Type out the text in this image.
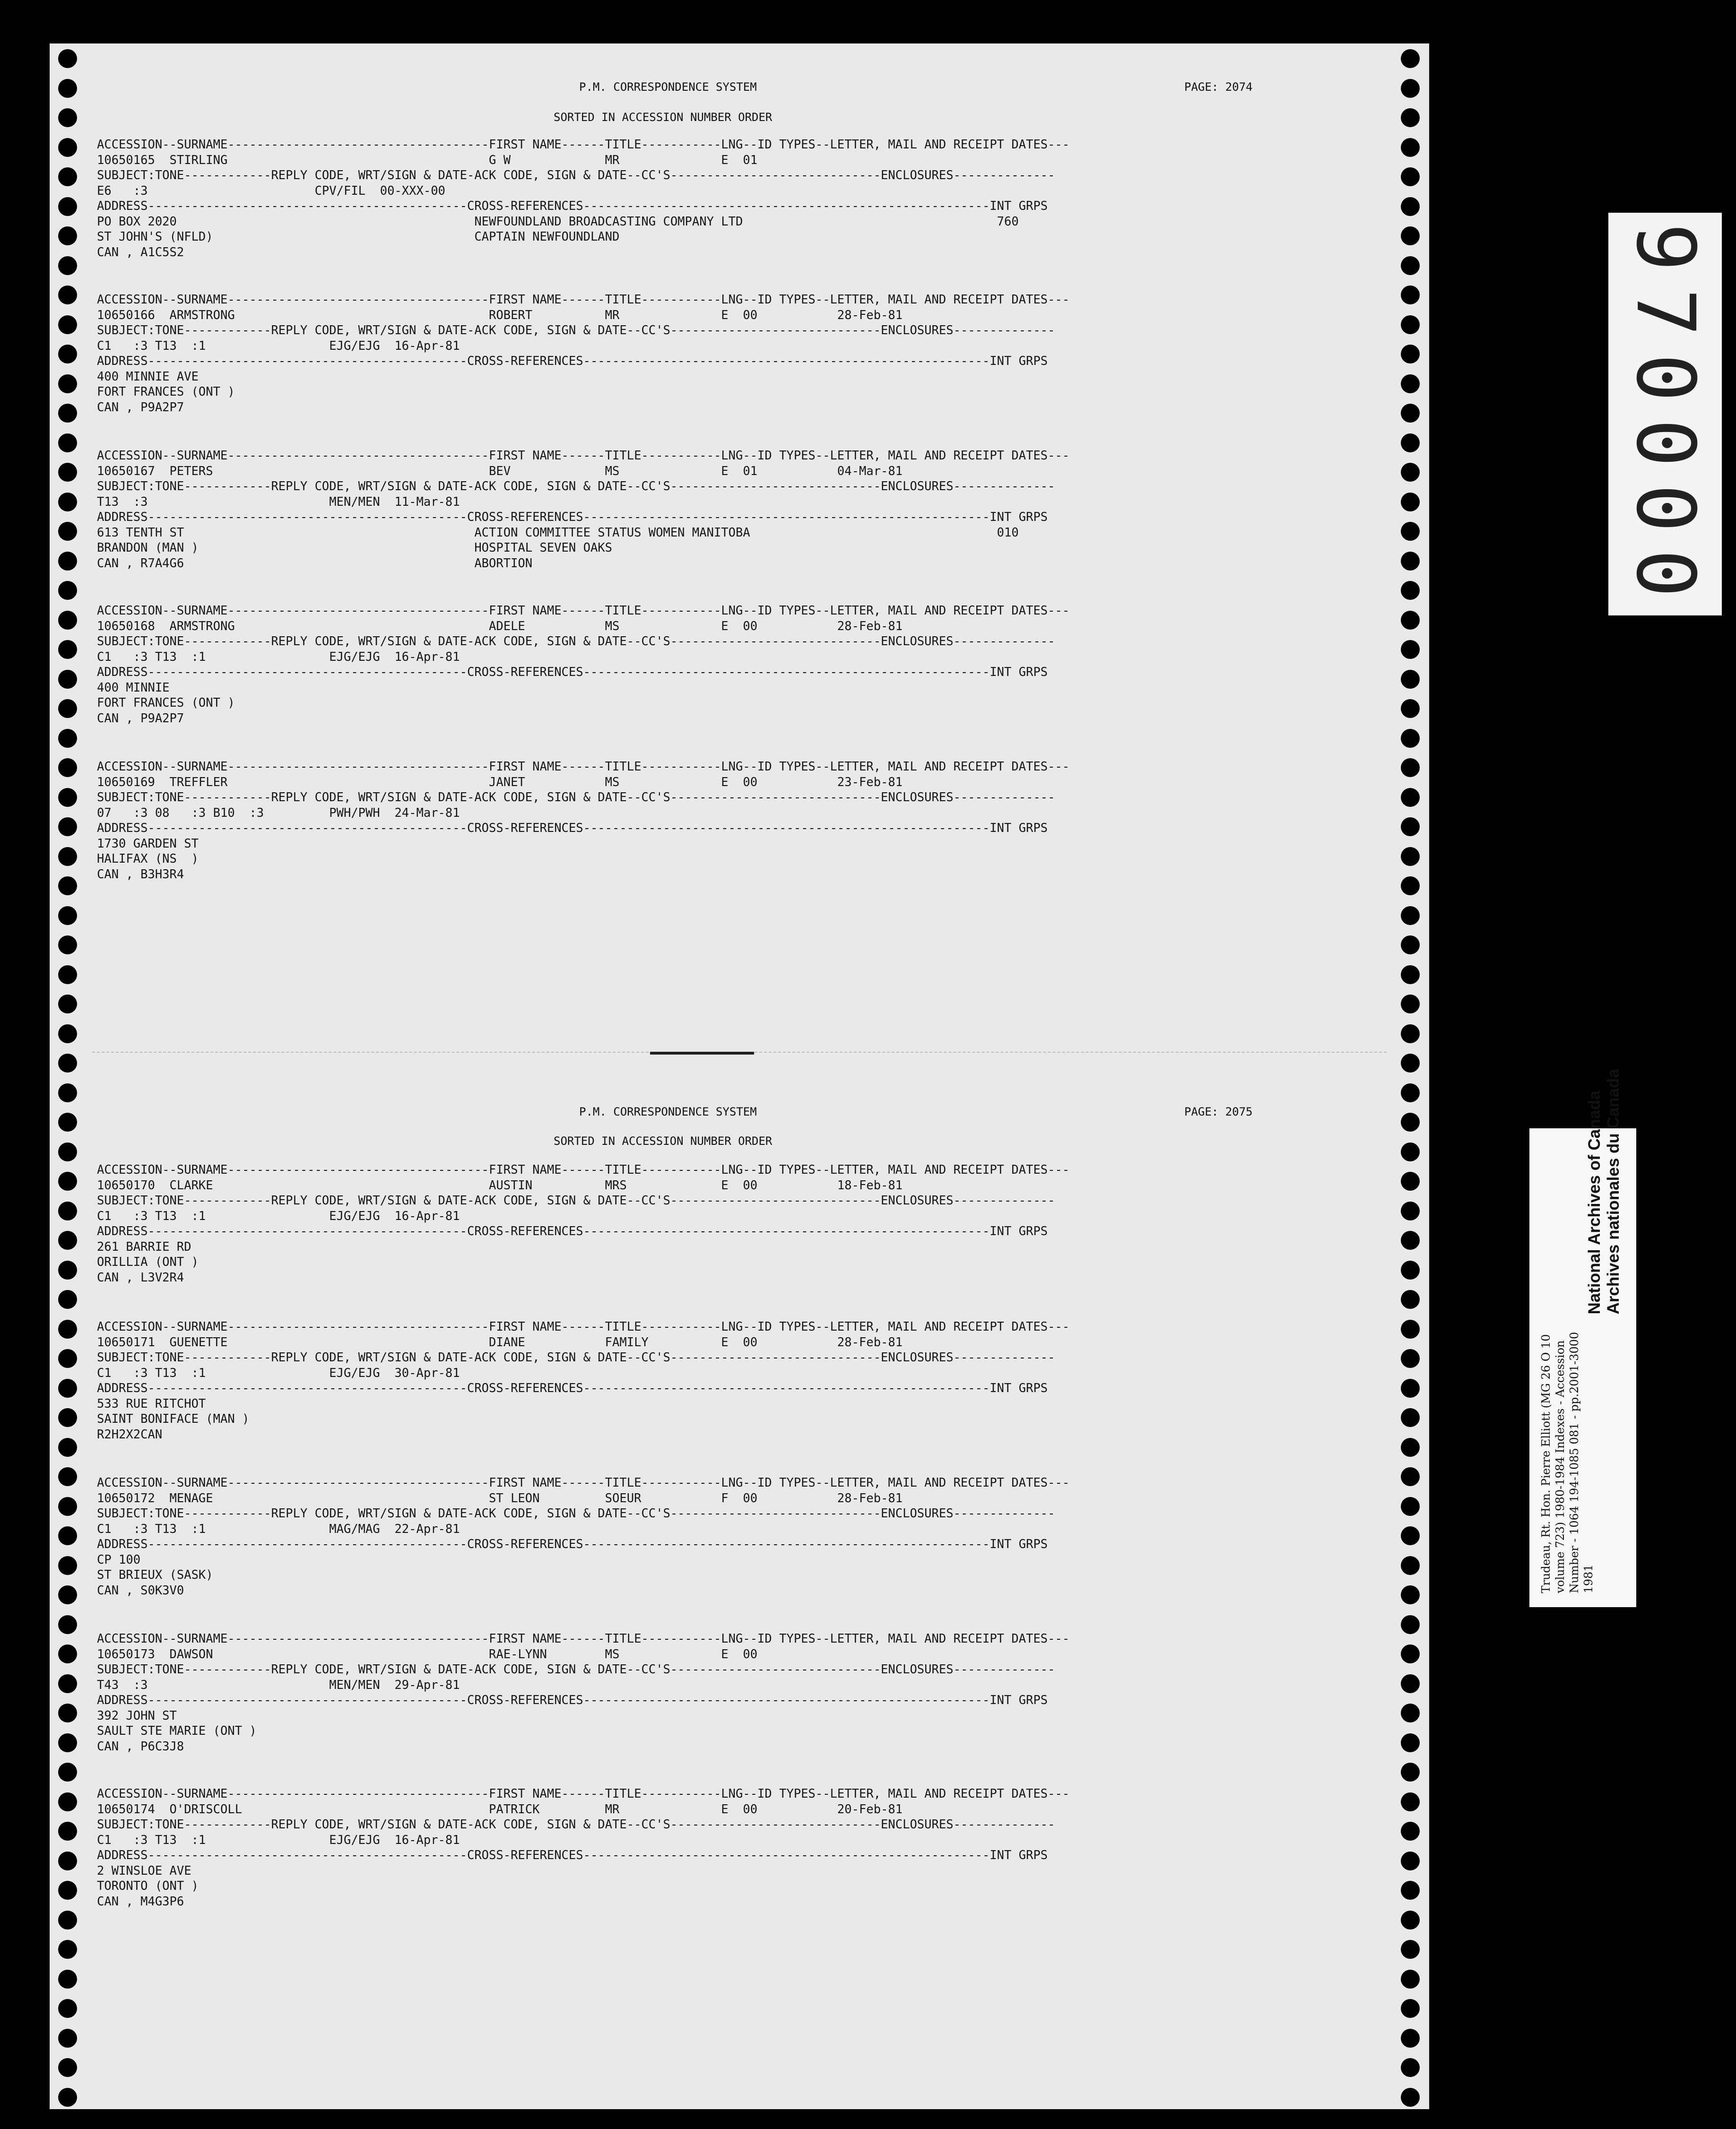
P.M. CORRESPONDENCE SYSTEM	PAGE: 2074
SORTED IN ACCESSION NUMBER ORDER
ACCESSION--SURNAME------------------------------------FIRST NAME------TITLE-----------LNG--ID TYPES--LETTER, MAIL AND RECEIPT DATES---
10650165  STIRLING                                    G W             MR              E  01
SUBJECT:TONE------------REPLY CODE, WRT/SIGN & DATE-ACK CODE, SIGN & DATE--CC'S-----------------------------ENCLOSURES--------------
E6   :3                       CPV/FIL  00-XXX-00
ADDRESS--------------------------------------------CROSS-REFERENCES--------------------------------------------------------INT GRPS
PO BOX 2020                                         NEWFOUNDLAND BROADCASTING COMPANY LTD                                   760
ST JOHN'S (NFLD)                                    CAPTAIN NEWFOUNDLAND
CAN , A1C5S2
ACCESSION--SURNAME------------------------------------FIRST NAME------TITLE-----------LNG--ID TYPES--LETTER, MAIL AND RECEIPT DATES---
10650166  ARMSTRONG                                   ROBERT          MR              E  00           28-Feb-81
SUBJECT:TONE------------REPLY CODE, WRT/SIGN & DATE-ACK CODE, SIGN & DATE--CC'S-----------------------------ENCLOSURES--------------
C1   :3 T13  :1                 EJG/EJG  16-Apr-81
ADDRESS--------------------------------------------CROSS-REFERENCES--------------------------------------------------------INT GRPS
400 MINNIE AVE
FORT FRANCES (ONT )
CAN , P9A2P7
ACCESSION--SURNAME------------------------------------FIRST NAME------TITLE-----------LNG--ID TYPES--LETTER, MAIL AND RECEIPT DATES---
10650167  PETERS                                      BEV             MS              E  01           04-Mar-81
SUBJECT:TONE------------REPLY CODE, WRT/SIGN & DATE-ACK CODE, SIGN & DATE--CC'S-----------------------------ENCLOSURES--------------
T13  :3                         MEN/MEN  11-Mar-81
ADDRESS--------------------------------------------CROSS-REFERENCES--------------------------------------------------------INT GRPS
613 TENTH ST                                        ACTION COMMITTEE STATUS WOMEN MANITOBA                                  010
BRANDON (MAN )                                      HOSPITAL SEVEN OAKS
CAN , R7A4G6                                        ABORTION
ACCESSION--SURNAME------------------------------------FIRST NAME------TITLE-----------LNG--ID TYPES--LETTER, MAIL AND RECEIPT DATES---
10650168  ARMSTRONG                                   ADELE           MS              E  00           28-Feb-81
SUBJECT:TONE------------REPLY CODE, WRT/SIGN & DATE-ACK CODE, SIGN & DATE--CC'S-----------------------------ENCLOSURES--------------
C1   :3 T13  :1                 EJG/EJG  16-Apr-81
ADDRESS--------------------------------------------CROSS-REFERENCES--------------------------------------------------------INT GRPS
400 MINNIE
FORT FRANCES (ONT )
CAN , P9A2P7
ACCESSION--SURNAME------------------------------------FIRST NAME------TITLE-----------LNG--ID TYPES--LETTER, MAIL AND RECEIPT DATES---
10650169  TREFFLER                                    JANET           MS              E  00           23-Feb-81
SUBJECT:TONE------------REPLY CODE, WRT/SIGN & DATE-ACK CODE, SIGN & DATE--CC'S-----------------------------ENCLOSURES--------------
07   :3 08   :3 B10  :3         PWH/PWH  24-Mar-81
ADDRESS--------------------------------------------CROSS-REFERENCES--------------------------------------------------------INT GRPS
1730 GARDEN ST
HALIFAX (NS  )
CAN , B3H3R4
P.M. CORRESPONDENCE SYSTEM	PAGE: 2075
SORTED IN ACCESSION NUMBER ORDER
ACCESSION--SURNAME------------------------------------FIRST NAME------TITLE-----------LNG--ID TYPES--LETTER, MAIL AND RECEIPT DATES---
10650170  CLARKE                                      AUSTIN          MRS             E  00           18-Feb-81
SUBJECT:TONE------------REPLY CODE, WRT/SIGN & DATE-ACK CODE, SIGN & DATE--CC'S-----------------------------ENCLOSURES--------------
C1   :3 T13  :1                 EJG/EJG  16-Apr-81
ADDRESS--------------------------------------------CROSS-REFERENCES--------------------------------------------------------INT GRPS
261 BARRIE RD
ORILLIA (ONT )
CAN , L3V2R4
ACCESSION--SURNAME------------------------------------FIRST NAME------TITLE-----------LNG--ID TYPES--LETTER, MAIL AND RECEIPT DATES---
10650171  GUENETTE                                    DIANE           FAMILY          E  00           28-Feb-81
SUBJECT:TONE------------REPLY CODE, WRT/SIGN & DATE-ACK CODE, SIGN & DATE--CC'S-----------------------------ENCLOSURES--------------
C1   :3 T13  :1                 EJG/EJG  30-Apr-81
ADDRESS--------------------------------------------CROSS-REFERENCES--------------------------------------------------------INT GRPS
533 RUE RITCHOT
SAINT BONIFACE (MAN )
R2H2X2CAN
ACCESSION--SURNAME------------------------------------FIRST NAME------TITLE-----------LNG--ID TYPES--LETTER, MAIL AND RECEIPT DATES---
10650172  MENAGE                                      ST LEON         SOEUR           F  00           28-Feb-81
SUBJECT:TONE------------REPLY CODE, WRT/SIGN & DATE-ACK CODE, SIGN & DATE--CC'S-----------------------------ENCLOSURES--------------
C1   :3 T13  :1                 MAG/MAG  22-Apr-81
ADDRESS--------------------------------------------CROSS-REFERENCES--------------------------------------------------------INT GRPS
CP 100
ST BRIEUX (SASK)
CAN , S0K3V0
ACCESSION--SURNAME------------------------------------FIRST NAME------TITLE-----------LNG--ID TYPES--LETTER, MAIL AND RECEIPT DATES---
10650173  DAWSON                                      RAE-LYNN        MS              E  00
SUBJECT:TONE------------REPLY CODE, WRT/SIGN & DATE-ACK CODE, SIGN & DATE--CC'S-----------------------------ENCLOSURES--------------
T43  :3                         MEN/MEN  29-Apr-81
ADDRESS--------------------------------------------CROSS-REFERENCES--------------------------------------------------------INT GRPS
392 JOHN ST
SAULT STE MARIE (ONT )
CAN , P6C3J8
ACCESSION--SURNAME------------------------------------FIRST NAME------TITLE-----------LNG--ID TYPES--LETTER, MAIL AND RECEIPT DATES---
10650174  O'DRISCOLL                                  PATRICK         MR              E  00           20-Feb-81
SUBJECT:TONE------------REPLY CODE, WRT/SIGN & DATE-ACK CODE, SIGN & DATE--CC'S-----------------------------ENCLOSURES--------------
C1   :3 T13  :1                 EJG/EJG  16-Apr-81
ADDRESS--------------------------------------------CROSS-REFERENCES--------------------------------------------------------INT GRPS
2 WINSLOE AVE
TORONTO (ONT )
CAN , M4G3P6
9
7
0
0
0
0
Trudeau, Rt. Hon. Pierre Elliott (MG 26 O 10 volume 723) 1980-1984 Indexes - Accession Number - 1064 194-1085 081 - pp.2001-3000 1981
National Archives of Canada Archives nationales du Canada
